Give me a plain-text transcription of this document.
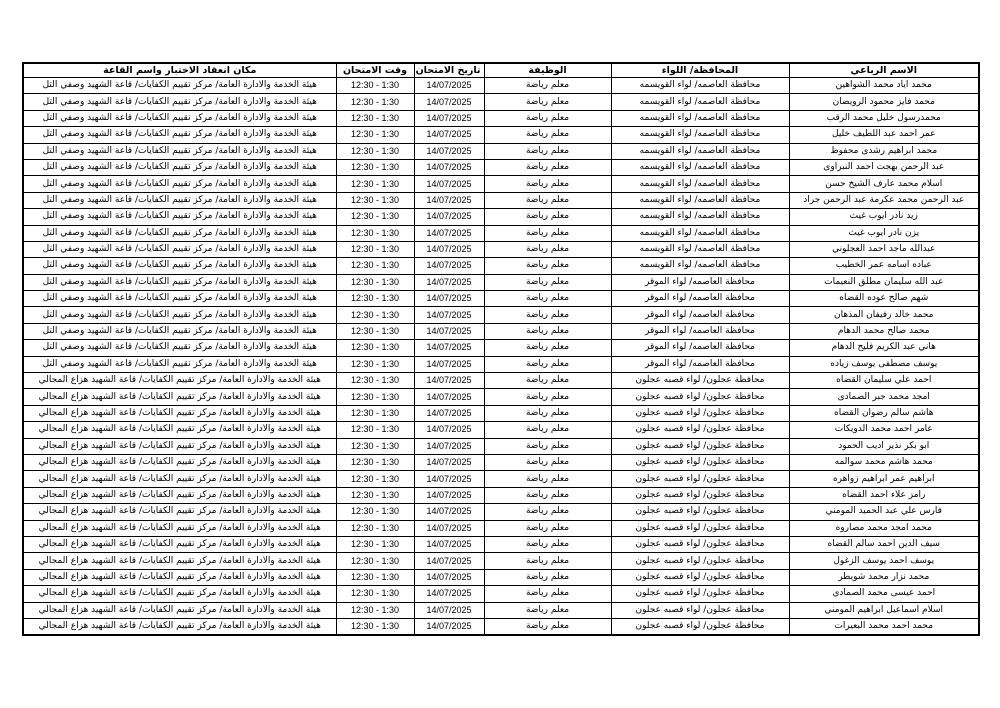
الاسم الرباعي	المحافظة/ اللواء	الوظيفة	تاريخ الامتحان	وقت الامتحان	مكان انعقاد الاختبار واسم القاعة
محمد اياد محمد الشواهين	محافظة العاصمه/ لواء القويسمه	معلم رياضة	14/07/2025	12:30 - 1:30	هيئة الخدمة والادارة العامة/ مركز تقييم الكفايات/ قاعة الشهيد وصفي التل
محمد فايز محمود الرويضان	محافظة العاصمه/ لواء القويسمه	معلم رياضة	14/07/2025	12:30 - 1:30	هيئة الخدمة والادارة العامة/ مركز تقييم الكفايات/ قاعة الشهيد وصفي التل
محمدرسول خليل محمد الرقب	محافظة العاصمه/ لواء القويسمه	معلم رياضة	14/07/2025	12:30 - 1:30	هيئة الخدمة والادارة العامة/ مركز تقييم الكفايات/ قاعة الشهيد وصفي التل
عمر احمد عبد اللطيف خليل	محافظة العاصمه/ لواء القويسمه	معلم رياضة	14/07/2025	12:30 - 1:30	هيئة الخدمة والادارة العامة/ مركز تقييم الكفايات/ قاعة الشهيد وصفي التل
محمد ابراهيم رشدى محفوظ	محافظة العاصمه/ لواء القويسمه	معلم رياضة	14/07/2025	12:30 - 1:30	هيئة الخدمة والادارة العامة/ مركز تقييم الكفايات/ قاعة الشهيد وصفي التل
عبد الرحمن بهجت احمد النبراوى	محافظة العاصمه/ لواء القويسمه	معلم رياضة	14/07/2025	12:30 - 1:30	هيئة الخدمة والادارة العامة/ مركز تقييم الكفايات/ قاعة الشهيد وصفي التل
اسلام محمد عارف الشيخ حسن	محافظة العاصمه/ لواء القويسمه	معلم رياضة	14/07/2025	12:30 - 1:30	هيئة الخدمة والادارة العامة/ مركز تقييم الكفايات/ قاعة الشهيد وصفي التل
عبد الرحمن محمد عكرمة عبد الرحمن جراد	محافظة العاصمه/ لواء القويسمه	معلم رياضة	14/07/2025	12:30 - 1:30	هيئة الخدمة والادارة العامة/ مركز تقييم الكفايات/ قاعة الشهيد وصفي التل
زيد نادر ايوب غيث	محافظة العاصمه/ لواء القويسمه	معلم رياضة	14/07/2025	12:30 - 1:30	هيئة الخدمة والادارة العامة/ مركز تقييم الكفايات/ قاعة الشهيد وصفي التل
يزن نادر ايوب غيث	محافظة العاصمه/ لواء القويسمه	معلم رياضة	14/07/2025	12:30 - 1:30	هيئة الخدمة والادارة العامة/ مركز تقييم الكفايات/ قاعة الشهيد وصفي التل
عبدالله ماجد احمد العجلوني	محافظة العاصمه/ لواء القويسمه	معلم رياضة	14/07/2025	12:30 - 1:30	هيئة الخدمة والادارة العامة/ مركز تقييم الكفايات/ قاعة الشهيد وصفي التل
عباده اسامه عمر الخطيب	محافظة العاصمه/ لواء القويسمه	معلم رياضة	14/07/2025	12:30 - 1:30	هيئة الخدمة والادارة العامة/ مركز تقييم الكفايات/ قاعة الشهيد وصفي التل
عبد الله سليمان مطلق النعيمات	محافظة العاصمه/ لواء الموقر	معلم رياضة	14/07/2025	12:30 - 1:30	هيئة الخدمة والادارة العامة/ مركز تقييم الكفايات/ قاعة الشهيد وصفي التل
شهم صالح عوده القضاه	محافظة العاصمه/ لواء الموقر	معلم رياضة	14/07/2025	12:30 - 1:30	هيئة الخدمة والادارة العامة/ مركز تقييم الكفايات/ قاعة الشهيد وصفي التل
محمد خالد رفيفان المذهان	محافظة العاصمه/ لواء الموقر	معلم رياضة	14/07/2025	12:30 - 1:30	هيئة الخدمة والادارة العامة/ مركز تقييم الكفايات/ قاعة الشهيد وصفي التل
محمد صالح محمد الدهام	محافظة العاصمه/ لواء الموقر	معلم رياضة	14/07/2025	12:30 - 1:30	هيئة الخدمة والادارة العامة/ مركز تقييم الكفايات/ قاعة الشهيد وصفي التل
هاني عبد الكريم فليح الدهام	محافظة العاصمه/ لواء الموقر	معلم رياضة	14/07/2025	12:30 - 1:30	هيئة الخدمة والادارة العامة/ مركز تقييم الكفايات/ قاعة الشهيد وصفي التل
يوسف مصطفى يوسف زياده	محافظة العاصمه/ لواء الموقر	معلم رياضة	14/07/2025	12:30 - 1:30	هيئة الخدمة والادارة العامة/ مركز تقييم الكفايات/ قاعة الشهيد وصفي التل
احمد علي سليمان القضاه	محافظة عجلون/ لواء قصبه عجلون	معلم رياضة	14/07/2025	12:30 - 1:30	هيئة الخدمة والادارة العامة/ مركز تقييم الكفايات/ قاعة الشهيد هزاع المجالي
امجد محمد جبر الصمادى	محافظة عجلون/ لواء قصبه عجلون	معلم رياضة	14/07/2025	12:30 - 1:30	هيئة الخدمة والادارة العامة/ مركز تقييم الكفايات/ قاعة الشهيد هزاع المجالي
هاشم سالم رضوان القضاه	محافظة عجلون/ لواء قصبه عجلون	معلم رياضة	14/07/2025	12:30 - 1:30	هيئة الخدمة والادارة العامة/ مركز تقييم الكفايات/ قاعة الشهيد هزاع المجالي
عامر احمد محمد الدويكات	محافظة عجلون/ لواء قصبه عجلون	معلم رياضة	14/07/2025	12:30 - 1:30	هيئة الخدمة والادارة العامة/ مركز تقييم الكفايات/ قاعة الشهيد هزاع المجالي
ابو بكر نذير اديب الحمود	محافظة عجلون/ لواء قصبه عجلون	معلم رياضة	14/07/2025	12:30 - 1:30	هيئة الخدمة والادارة العامة/ مركز تقييم الكفايات/ قاعة الشهيد هزاع المجالي
محمد هاشم محمد سوالمه	محافظة عجلون/ لواء قصبه عجلون	معلم رياضة	14/07/2025	12:30 - 1:30	هيئة الخدمة والادارة العامة/ مركز تقييم الكفايات/ قاعة الشهيد هزاع المجالي
ابراهيم عمر ابراهيم زواهره	محافظة عجلون/ لواء قصبه عجلون	معلم رياضة	14/07/2025	12:30 - 1:30	هيئة الخدمة والادارة العامة/ مركز تقييم الكفايات/ قاعة الشهيد هزاع المجالي
رامز علاء احمد القضاه	محافظة عجلون/ لواء قصبه عجلون	معلم رياضة	14/07/2025	12:30 - 1:30	هيئة الخدمة والادارة العامة/ مركز تقييم الكفايات/ قاعة الشهيد هزاع المجالي
فارس علي عبد الحميد المومني	محافظة عجلون/ لواء قصبه عجلون	معلم رياضة	14/07/2025	12:30 - 1:30	هيئة الخدمة والادارة العامة/ مركز تقييم الكفايات/ قاعة الشهيد هزاع المجالي
محمد امجد محمد مصاروه	محافظة عجلون/ لواء قصبه عجلون	معلم رياضة	14/07/2025	12:30 - 1:30	هيئة الخدمة والادارة العامة/ مركز تقييم الكفايات/ قاعة الشهيد هزاع المجالي
سيف الدين احمد سالم القضاه	محافظة عجلون/ لواء قصبه عجلون	معلم رياضة	14/07/2025	12:30 - 1:30	هيئة الخدمة والادارة العامة/ مركز تقييم الكفايات/ قاعة الشهيد هزاع المجالي
يوسف احمد يوسف الزغول	محافظة عجلون/ لواء قصبه عجلون	معلم رياضة	14/07/2025	12:30 - 1:30	هيئة الخدمة والادارة العامة/ مركز تقييم الكفايات/ قاعة الشهيد هزاع المجالي
محمد نزار محمد شويطر	محافظة عجلون/ لواء قصبه عجلون	معلم رياضة	14/07/2025	12:30 - 1:30	هيئة الخدمة والادارة العامة/ مركز تقييم الكفايات/ قاعة الشهيد هزاع المجالي
احمد عيسى محمد الصمادي	محافظة عجلون/ لواء قصبه عجلون	معلم رياضة	14/07/2025	12:30 - 1:30	هيئة الخدمة والادارة العامة/ مركز تقييم الكفايات/ قاعة الشهيد هزاع المجالي
اسلام اسماعيل ابراهيم المومني	محافظة عجلون/ لواء قصبه عجلون	معلم رياضة	14/07/2025	12:30 - 1:30	هيئة الخدمة والادارة العامة/ مركز تقييم الكفايات/ قاعة الشهيد هزاع المجالي
محمد احمد محمد البعيرات	محافظة عجلون/ لواء قصبه عجلون	معلم رياضة	14/07/2025	12:30 - 1:30	هيئة الخدمة والادارة العامة/ مركز تقييم الكفايات/ قاعة الشهيد هزاع المجالي
